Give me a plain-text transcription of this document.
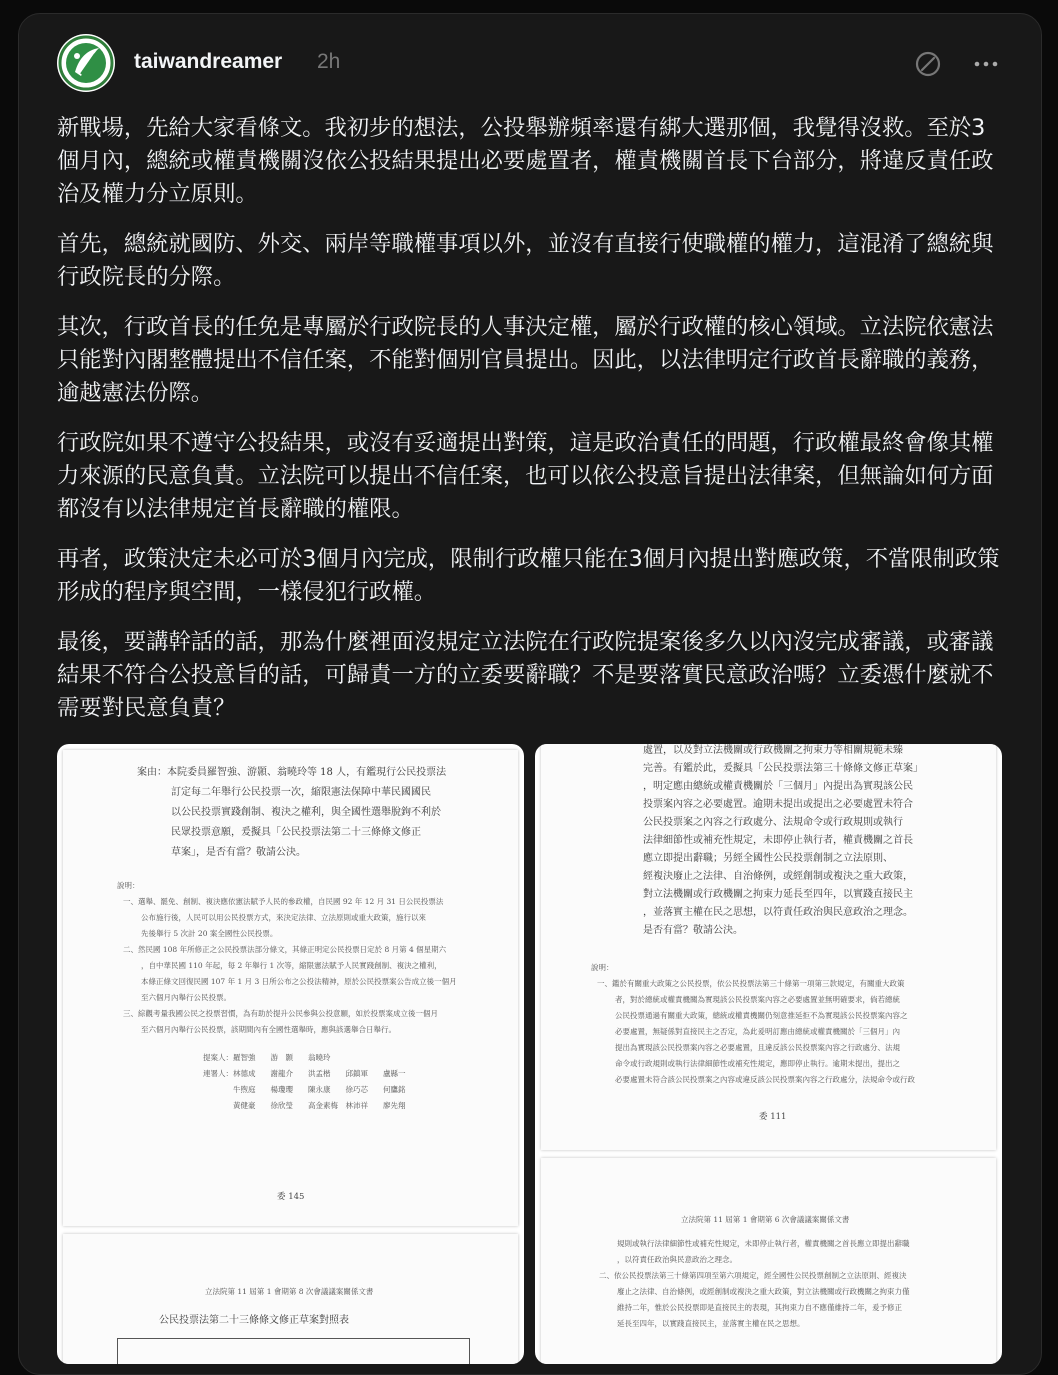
taiwandreamer 2h

新戰場，先給大家看條文。我初步的想法，公投舉辦頻率還有綁大選那個，我覺得沒救。至於3個月內，總統或權責機關沒依公投結果提出必要處置者，權責機關首長下台部分，將違反責任政治及權力分立原則。

首先，總統就國防、外交、兩岸等職權事項以外，並沒有直接行使職權的權力，這混淆了總統與行政院長的分際。

其次，行政首長的任免是專屬於行政院長的人事決定權，屬於行政權的核心領域。立法院依憲法只能對內閣整體提出不信任案，不能對個別官員提出。因此，以法律明定行政首長辭職的義務，逾越憲法份際。

行政院如果不遵守公投結果，或沒有妥適提出對策，這是政治責任的問題，行政權最終會像其權力來源的民意負責。立法院可以提出不信任案，也可以依公投意旨提出法律案，但無論如何方面都沒有以法律規定首長辭職的權限。

再者，政策決定未必可於3個月內完成，限制行政權只能在3個月內提出對應政策，不當限制政策形成的程序與空間，一樣侵犯行政權。

最後，要講幹話的話，那為什麼裡面沒規定立法院在行政院提案後多久以內沒完成審議，或審議結果不符合公投意旨的話，可歸責一方的立委要辭職？不是要落實民意政治嗎？立委憑什麼就不需要對民意負責？

案由：本院委員羅智強、游顥、翁曉玲等 18 人，有鑑現行公民投票法
訂定每二年舉行公民投票一次，縮限憲法保障中華民國國民
以公民投票實踐創制、複決之權利，與全國性選舉脫鉤不利於
民眾投票意願，爰擬具「公民投票法第二十三條條文修正
草案」，是否有當？敬請公決。
說明：
一、選舉、罷免、創制、複決應依憲法賦予人民的參政權，自民國 92 年 12 月 31 日公民投票法
公布施行後，人民可以用公民投票方式，來決定法律、立法原則或重大政策，施行以來
先後舉行 5 次計 20 案全國性公民投票。
二、然民國 108 年所修正之公民投票法部分條文，其條正明定公民投票日定於 8 月第 4 個星期六
，自中華民國 110 年起，每 2 年舉行 1 次等，縮限憲法賦予人民實踐創制、複決之權利，
本條正條文回復民國 107 年 1 月 3 日所公布之公投法精神，原於公民投票案公告成立後一個月
至六個月內舉行公民投票。
三、綜觀考量我國公民之投票習慣，為有助於提升公民參與公投意願，如於投票案成立後一個月
至六個月內舉行公民投票，該期間內有全國性選舉時，應與該選舉合日舉行。
提案人：羅智強　　游　顥　　翁曉玲
連署人：林德成　　謝龍介　　洪孟楷　　邱鎮軍　　盧縣一
　　　　牛煦庭　　楊瓊瓔　　陳永康　　徐巧芯　　何鷹銘
　　　　黃健豪　　徐欣瑩　　高金素梅　林沛祥　　廖先翔
委 145
立法院第 11 屆第 1 會期第 8 次會議議案關係文書
公民投票法第二十三條條文修正草案對照表
處置，以及對立法機關或行政機關之拘束力等相關規範未臻
完善。有鑑於此，爰擬具「公民投票法第三十條條文修正草案」
，明定應由總統或權責機關於「三個月」內提出為實現該公民
投票案內容之必要處置。逾期未提出或提出之必要處置未符合
公民投票案之內容之行政處分、法規命令或行政規則或執行
法律細節性或補充性規定，未即停止執行者，權責機關之首長
應立即提出辭職；另經全國性公民投票創制之立法原則、
經複決廢止之法律、自治條例，或經創制或複決之重大政策，
對立法機關或行政機關之拘束力延長至四年，以實踐直接民主
，並落實主權在民之思想，以符責任政治與民意政治之理念。
是否有當？敬請公決。
說明：
一、鑑於有關重大政策之公民投票，依公民投票法第三十條第一項第三款規定，有關重大政策
者，對於總統或權責機關為實現該公民投票案內容之必要處置並無明確要求，倘若總統
公民投票通過有關重大政策，總統或權責機關仍刻意推延拒不為實現該公民投票案內容之
必要處置，無疑係對直接民主之否定，為此爰明訂應由總統或權責機關於「三個月」內
提出為實現該公民投票案內容之必要處置，且違反該公民投票案內容之行政處分、法規
命令或行政規則或執行法律細節性或補充性規定，應即停止執行。逾期未提出，提出之
必要處置未符合該公民投票案之內容或違反該公民投票案內容之行政處分，法規命令或行政
委 111
立法院第 11 屆第 1 會期第 6 次會議議案關係文書
規則或執行法律細節性或補充性規定，未即停止執行者，權責機關之首長應立即提出辭職
，以符責任政治與民意政治之理念。
二、依公民投票法第三十條第四項至第六項規定，經全國性公民投票創制之立法原則、經複決
廢止之法律、自治條例，或經創制或複決之重大政策，對立法機關或行政機關之拘束力僅
維持二年，惟於公民投票即是直接民主的表現，其拘束力自不應僅維持二年，爰予修正
延長至四年，以實踐直接民主，並落實主權在民之思想。
